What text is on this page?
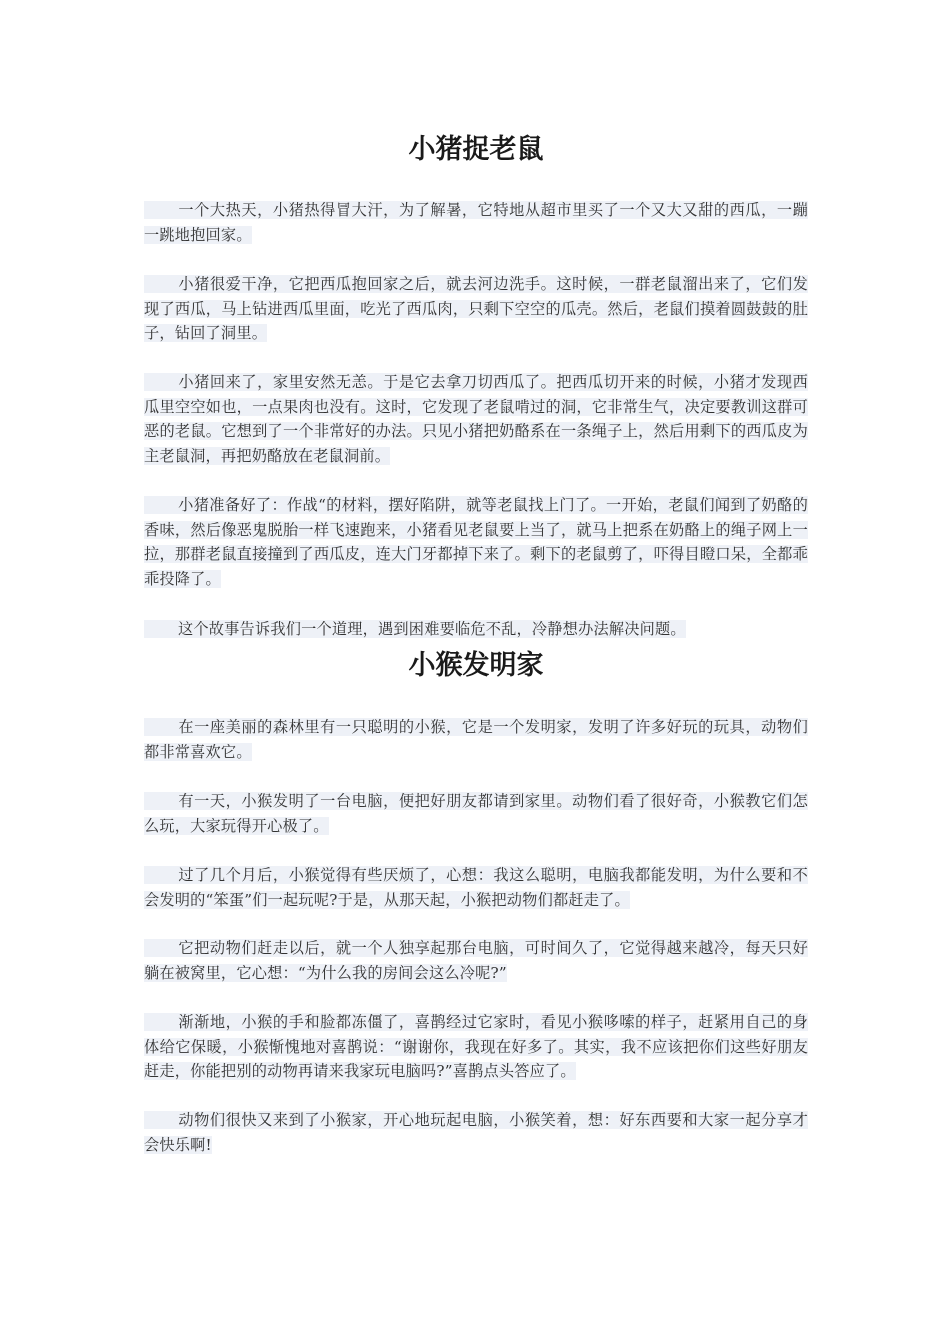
小猪捉老鼠

一个大热天，小猪热得冒大汗，为了解暑，它特地从超市里买了一个又大又甜的西瓜，一蹦一跳地抱回家。

小猪很爱干净，它把西瓜抱回家之后，就去河边洗手。这时候，一群老鼠溜出来了，它们发现了西瓜，马上钻进西瓜里面，吃光了西瓜肉，只剩下空空的瓜壳。然后，老鼠们摸着圆鼓鼓的肚子，钻回了洞里。

小猪回来了，家里安然无恙。于是它去拿刀切西瓜了。把西瓜切开来的时候，小猪才发现西瓜里空空如也，一点果肉也没有。这时，它发现了老鼠啃过的洞，它非常生气，决定要教训这群可恶的老鼠。它想到了一个非常好的办法。只见小猪把奶酪系在一条绳子上，然后用剩下的西瓜皮为主老鼠洞，再把奶酪放在老鼠洞前。

小猪准备好了：作战“的材料，摆好陷阱，就等老鼠找上门了。一开始，老鼠们闻到了奶酪的香味，然后像恶鬼脱胎一样飞速跑来，小猪看见老鼠要上当了，就马上把系在奶酪上的绳子网上一拉，那群老鼠直接撞到了西瓜皮，连大门牙都掉下来了。剩下的老鼠剪了，吓得目瞪口呆，全都乖乖投降了。

这个故事告诉我们一个道理，遇到困难要临危不乱，冷静想办法解决问题。

小猴发明家

在一座美丽的森林里有一只聪明的小猴，它是一个发明家，发明了许多好玩的玩具，动物们都非常喜欢它。

有一天，小猴发明了一台电脑，便把好朋友都请到家里。动物们看了很好奇，小猴教它们怎么玩，大家玩得开心极了。

过了几个月后，小猴觉得有些厌烦了，心想：我这么聪明，电脑我都能发明，为什么要和不会发明的“笨蛋”们一起玩呢?于是，从那天起，小猴把动物们都赶走了。

它把动物们赶走以后，就一个人独享起那台电脑，可时间久了，它觉得越来越冷，每天只好躺在被窝里，它心想：“为什么我的房间会这么冷呢?”

渐渐地，小猴的手和脸都冻僵了，喜鹊经过它家时，看见小猴哆嗦的样子，赶紧用自己的身体给它保暖，小猴惭愧地对喜鹊说：“谢谢你，我现在好多了。其实，我不应该把你们这些好朋友赶走，你能把别的动物再请来我家玩电脑吗?”喜鹊点头答应了。

动物们很快又来到了小猴家，开心地玩起电脑，小猴笑着，想：好东西要和大家一起分享才会快乐啊!
